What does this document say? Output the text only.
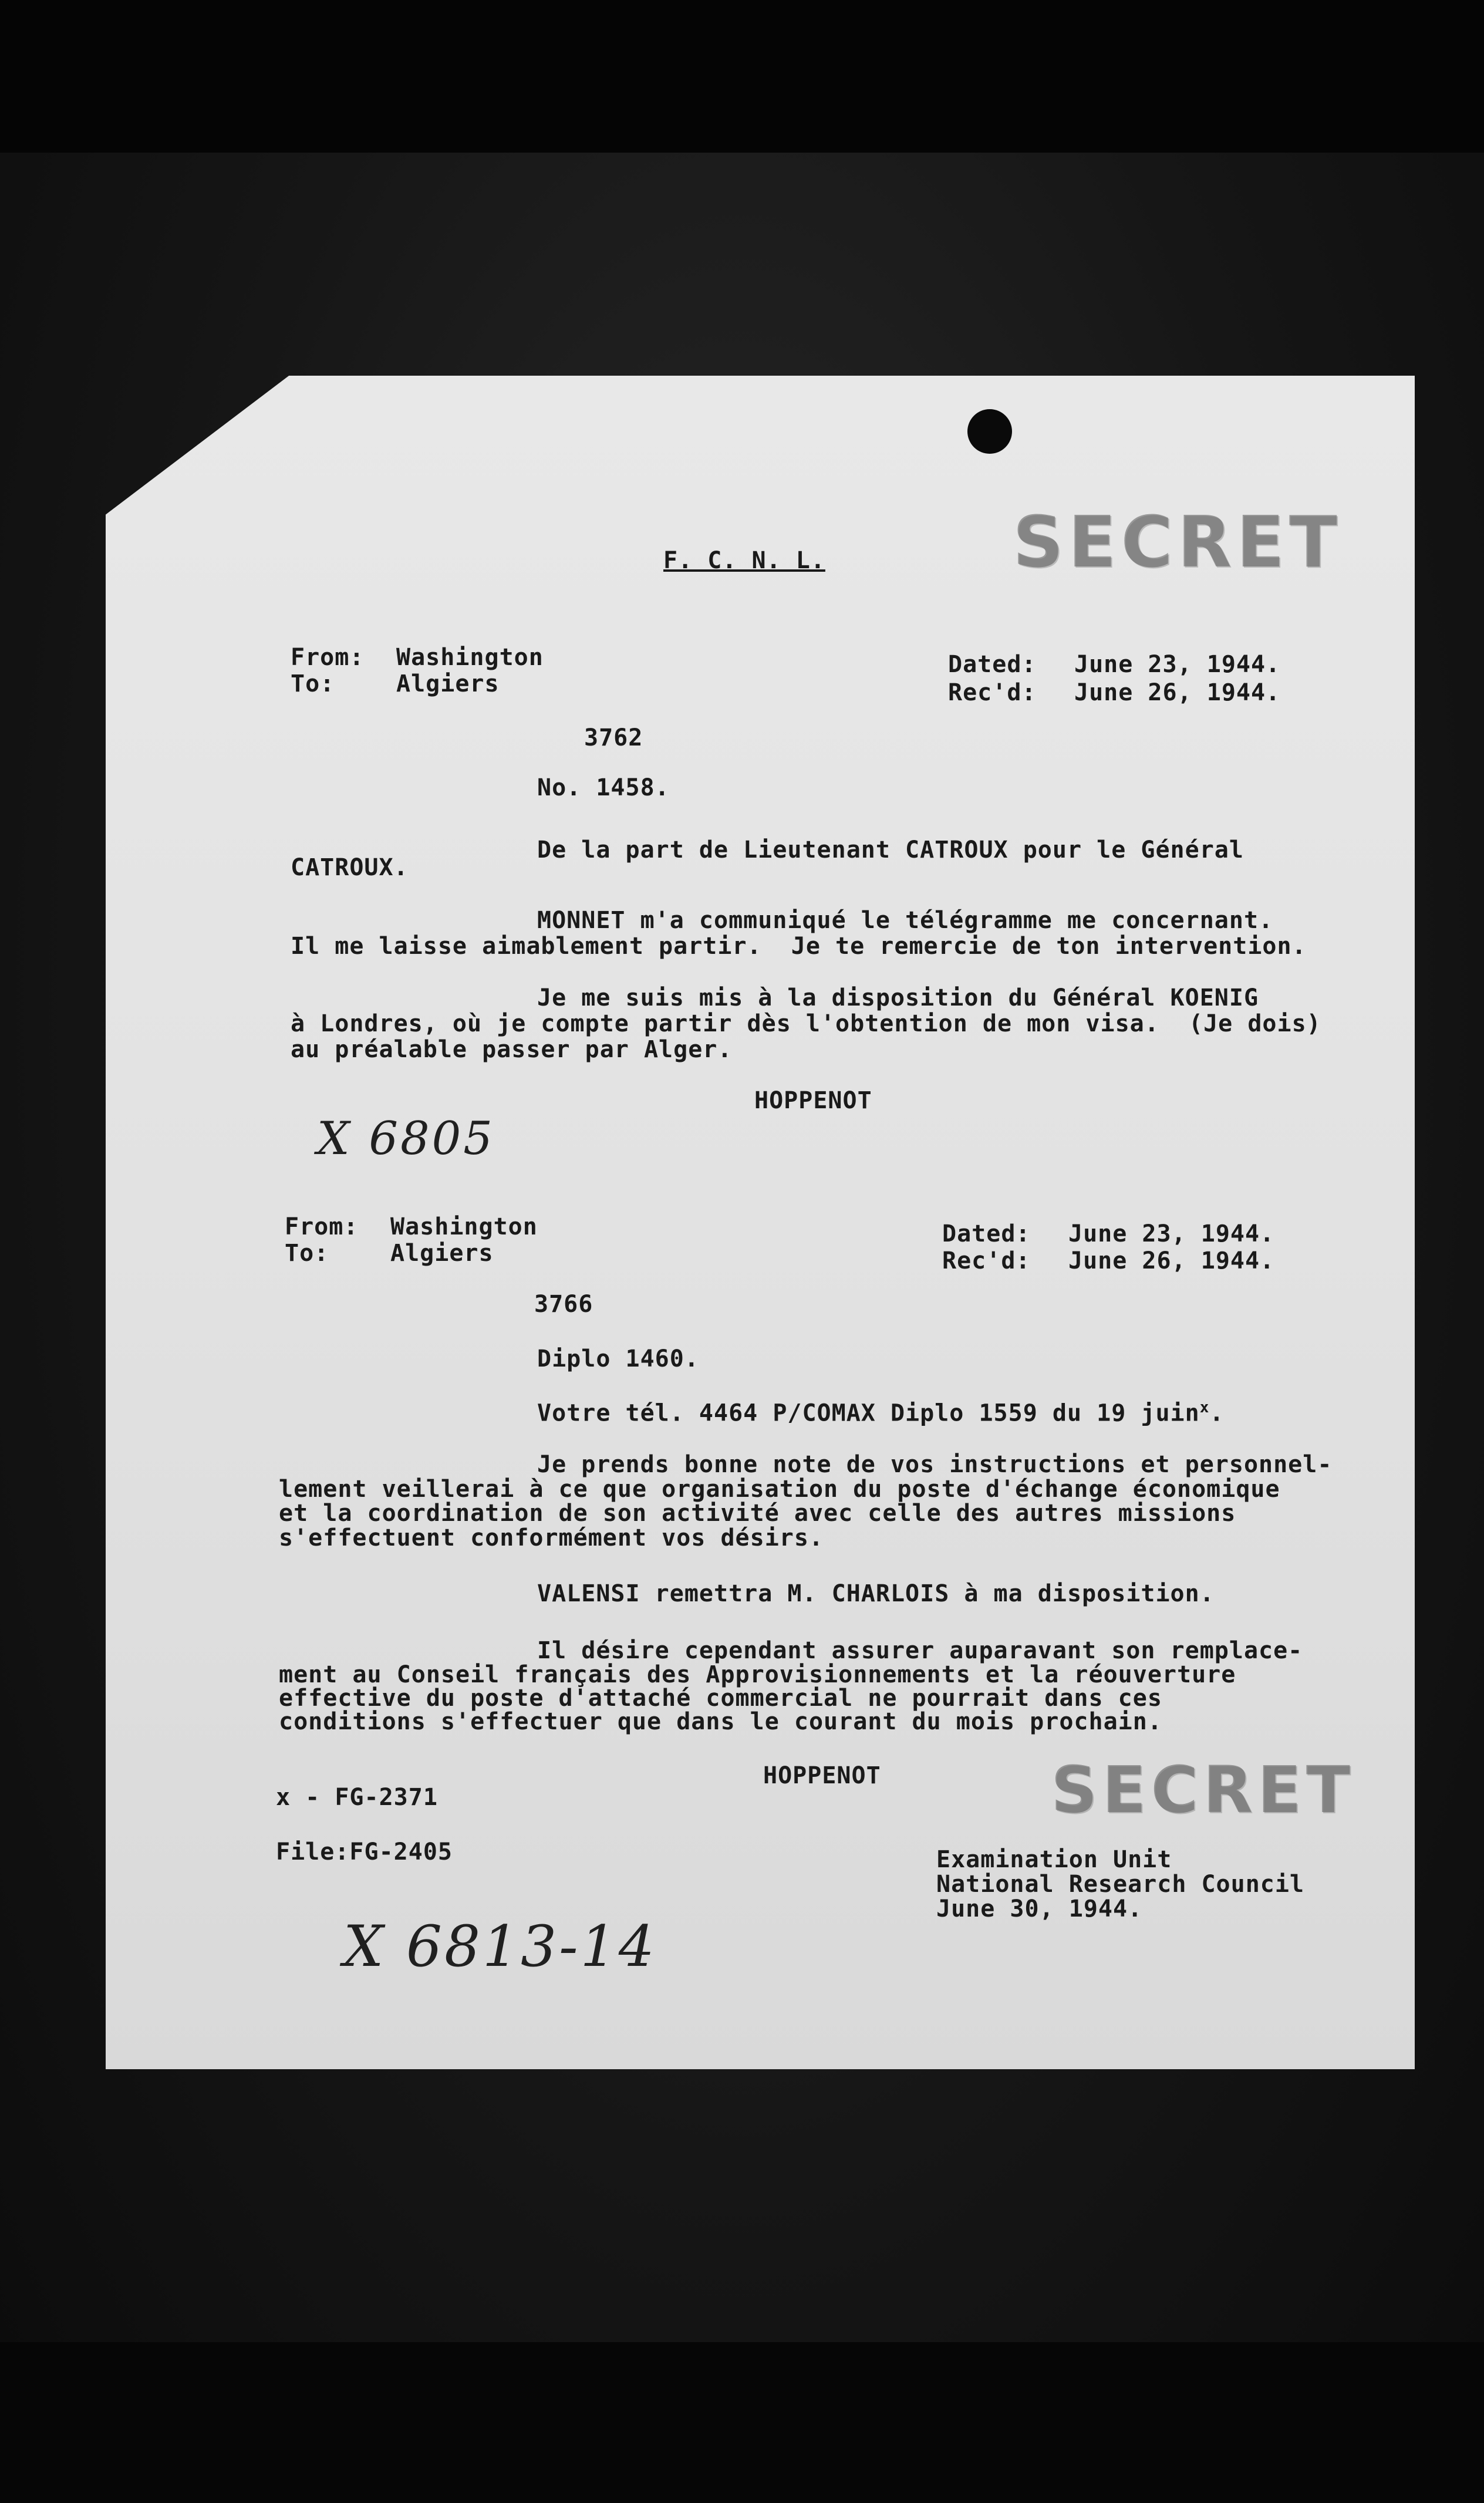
F. C. N. L.	SECRET
From: Washington
To:	Algiers
Dated: June 23, 1944.
Rec'd: June 26, 1944.
3762
No. 1458.
De la part de Lieutenant CATROUX pour le Général
CATROUX.
MONNET m'a communiqué le télégramme me concernant.
Il me laisse aimablement partir.  Je te remercie de ton intervention.
Je me suis mis à la disposition du Général KOENIG
à Londres, où je compte partir dès l'obtention de mon visa.  (Je dois)
au préalable passer par Alger.
HOPPENOT
X 6805
From: Washington
To:	Algiers
Dated: June 23, 1944.
Rec'd: June 26, 1944.
3766
Diplo 1460.
Votre tél. 4464 P/COMAX Diplo 1559 du 19 juin$^x$.
Je prends bonne note de vos instructions et personnel-
lement veillerai à ce que organisation du poste d'échange économique
et la coordination de son activité avec celle des autres missions
s'effectuent conformément vos désirs.
VALENSI remettra M. CHARLOIS à ma disposition.
Il désire cependant assurer auparavant son remplace-
ment au Conseil français des Approvisionnements et la réouverture
effective du poste d'attaché commercial ne pourrait dans ces
conditions s'effectuer que dans le courant du mois prochain.
HOPPENOT	SECRET
x - FG-2371
File:FG-2405	Examination Unit
National Research Council
June 30, 1944.
X 6813-14
